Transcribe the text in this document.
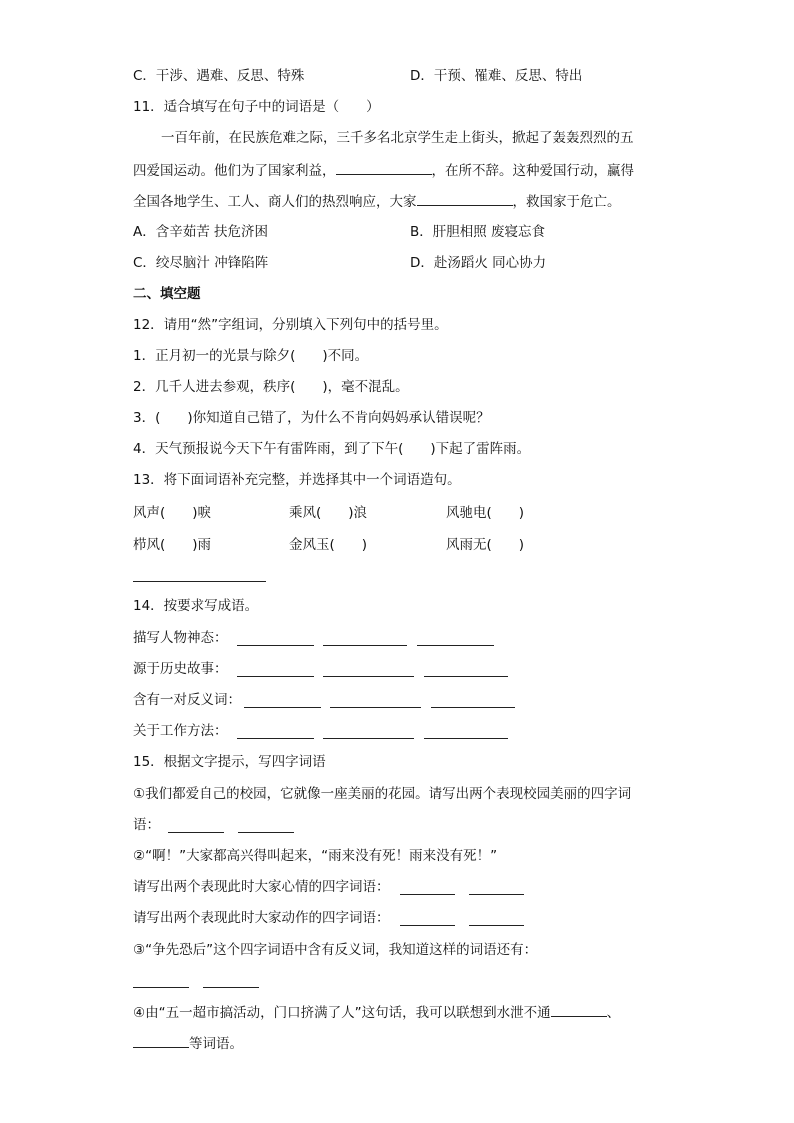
C．干涉、遇难、反思、特殊	D．干预、罹难、反思、特出
11．适合填写在句子中的词语是（　　）
一百年前，在民族危难之际，三千多名北京学生走上街头，掀起了轰轰烈烈的五
四爱国运动。他们为了国家利益，	，在所不辞。这种爱国行动，赢得
全国各地学生、工人、商人们的热烈响应，大家	，救国家于危亡。
A．含辛茹苦 扶危济困	B．肝胆相照 废寝忘食
C．绞尽脑汁 冲锋陷阵	D．赴汤蹈火 同心协力
二、填空题
12．请用“然”字组词，分别填入下列句中的括号里。
1．正月初一的光景与除夕(　　)不同。
2．几千人进去参观，秩序(　　)，毫不混乱。
3．(　　)你知道自己错了，为什么不肯向妈妈承认错误呢？
4．天气预报说今天下午有雷阵雨，到了下午(　　)下起了雷阵雨。
13．将下面词语补充完整，并选择其中一个词语造句。
风声(　　)唳	乘风(　　)浪	风驰电(　　)
栉风(　　)雨	金风玉(　　)	风雨无(　　)
14．按要求写成语。
描写人物神态：
源于历史故事：
含有一对反义词：
关于工作方法：
15．根据文字提示，写四字词语
①我们都爱自己的校园，它就像一座美丽的花园。请写出两个表现校园美丽的四字词
语：
②“啊！”大家都高兴得叫起来，“雨来没有死！雨来没有死！”
请写出两个表现此时大家心情的四字词语：
请写出两个表现此时大家动作的四字词语：
③“争先恐后”这个四字词语中含有反义词，我知道这样的词语还有：
④由“五一超市搞活动，门口挤满了人”这句话，我可以联想到水泄不通	、
等词语。
